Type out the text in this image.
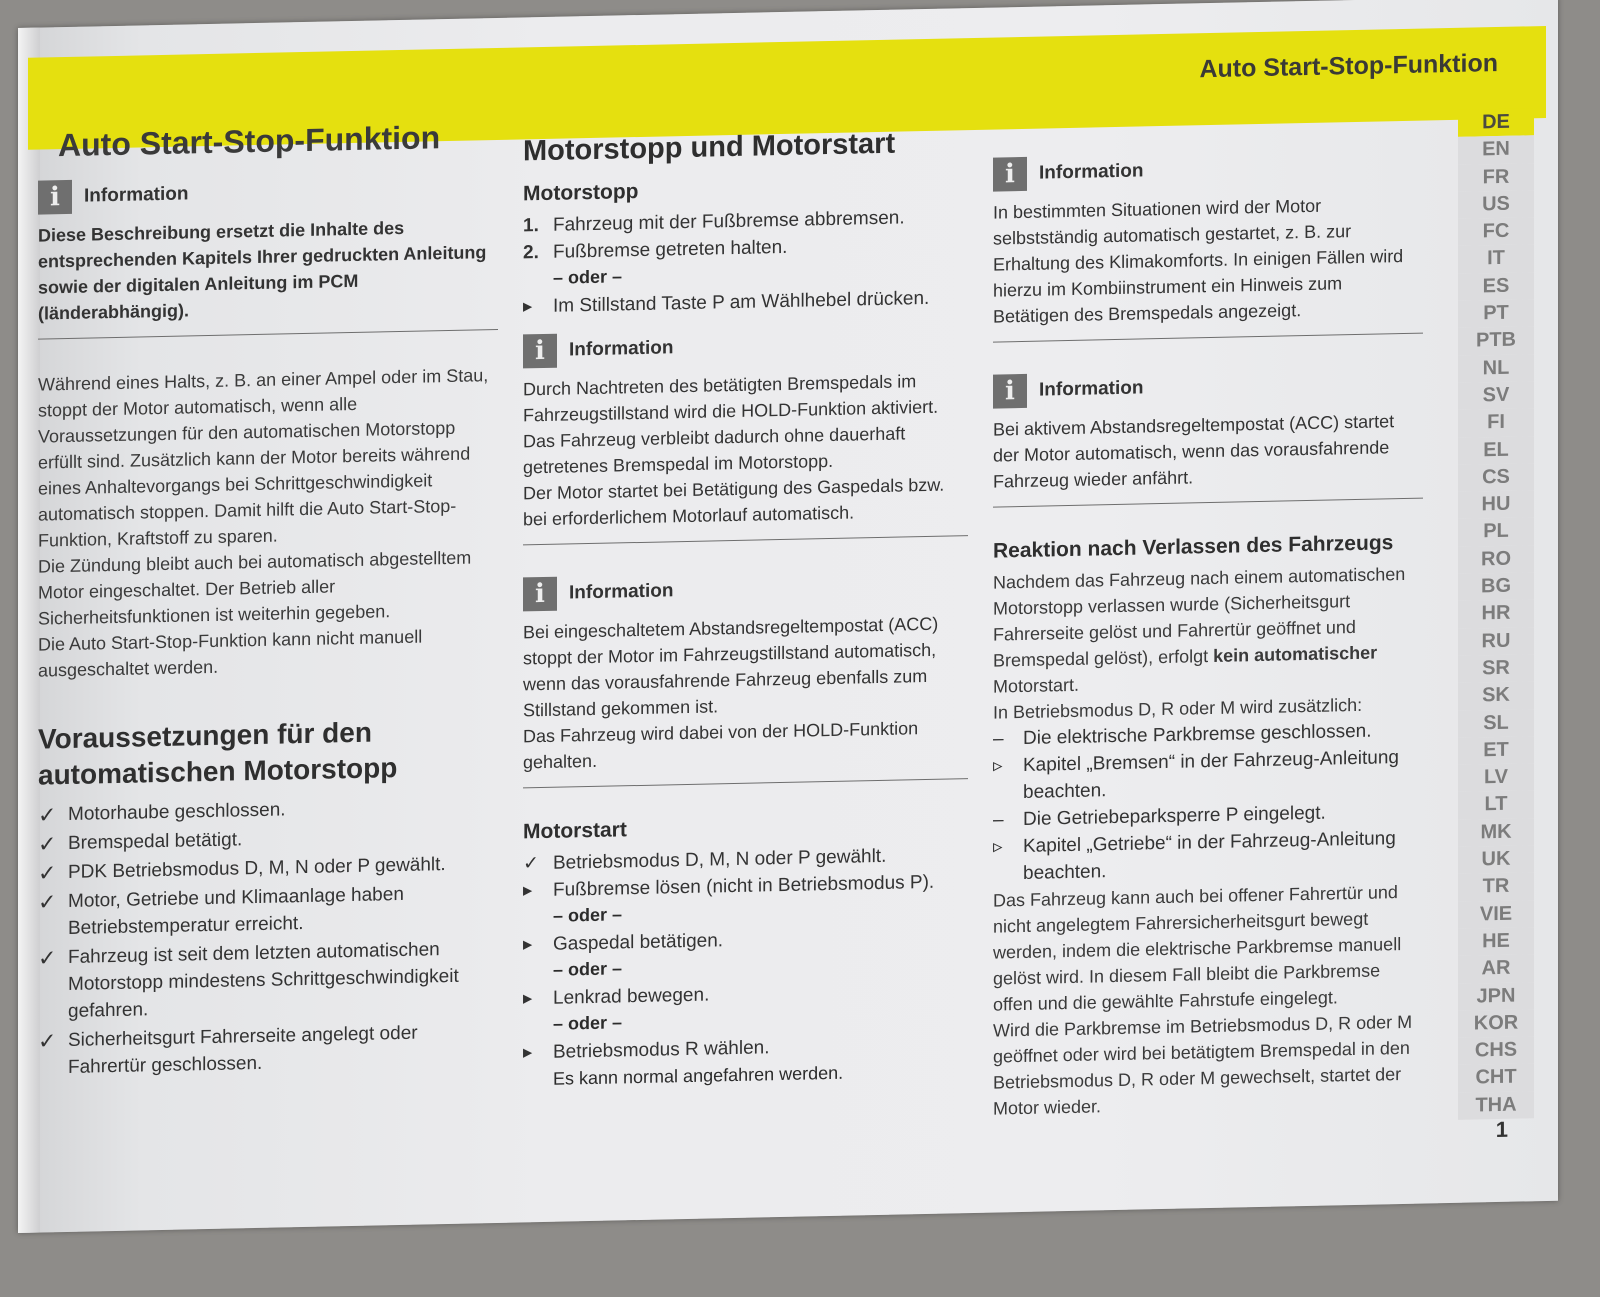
Auto Start-Stop-Funktion
Auto Start-Stop-Funktion
i	Information
Diese Beschreibung ersetzt die Inhalte des entsprechenden Kapitels Ihrer gedruckten Anleitung sowie der digitalen Anleitung im PCM (länderabhängig).

Während eines Halts, z. B. an einer Ampel oder im Stau, stoppt der Motor automatisch, wenn alle Voraussetzungen für den automatischen Motorstopp erfüllt sind. Zusätzlich kann der Motor bereits während eines Anhaltevorgangs bei Schrittgeschwindigkeit automatisch stoppen. Damit hilft die Auto Start-Stop-Funktion, Kraftstoff zu sparen.

Die Zündung bleibt auch bei automatisch abgestelltem Motor eingeschaltet. Der Betrieb aller Sicherheitsfunktionen ist weiterhin gegeben.

Die Auto Start-Stop-Funktion kann nicht manuell ausgeschaltet werden.

Voraussetzungen für den automatischen Motorstopp
✓ Motorhaube geschlossen.
✓ Bremspedal betätigt.
✓ PDK Betriebsmodus D, M, N oder P gewählt.
✓ Motor, Getriebe und Klimaanlage haben Betriebstemperatur erreicht.
✓ Fahrzeug ist seit dem letzten automatischen Motorstopp mindestens Schrittgeschwindigkeit gefahren.
✓ Sicherheitsgurt Fahrerseite angelegt oder Fahrertür geschlossen.
Motorstopp und Motorstart
Motorstopp
1. Fahrzeug mit der Fußbremse abbremsen.
2. Fußbremse getreten halten.
– oder –
▶	Im Stillstand Taste P am Wählhebel drücken.
i	Information
Durch Nachtreten des betätigten Bremspedals im Fahrzeugstillstand wird die HOLD-Funktion aktiviert. Das Fahrzeug verbleibt dadurch ohne dauerhaft getretenes Bremspedal im Motorstopp.
Der Motor startet bei Betätigung des Gaspedals bzw. bei erforderlichem Motorlauf automatisch.
i	Information
Bei eingeschaltetem Abstandsregeltempostat (ACC) stoppt der Motor im Fahrzeugstillstand automatisch, wenn das vorausfahrende Fahrzeug ebenfalls zum Stillstand gekommen ist.
Das Fahrzeug wird dabei von der HOLD-Funktion gehalten.
Motorstart
✓ Betriebsmodus D, M, N oder P gewählt.
▶	Fußbremse lösen (nicht in Betriebsmodus P).
– oder –
▶	Gaspedal betätigen.
– oder –
▶	Lenkrad bewegen.
– oder –
▶	Betriebsmodus R wählen.
Es kann normal angefahren werden.
i	Information
In bestimmten Situationen wird der Motor selbstständig automatisch gestartet, z. B. zur Erhaltung des Klimakomforts. In einigen Fällen wird hierzu im Kombiinstrument ein Hinweis zum Betätigen des Bremspedals angezeigt.
i	Information
Bei aktivem Abstandsregeltempostat (ACC) startet der Motor automatisch, wenn das vorausfahrende Fahrzeug wieder anfährt.
Reaktion nach Verlassen des Fahrzeugs

Nachdem das Fahrzeug nach einem automatischen Motorstopp verlassen wurde (Sicherheitsgurt Fahrerseite gelöst und Fahrertür geöffnet und Bremspedal gelöst), erfolgt kein automatischer Motorstart.

In Betriebsmodus D, R oder M wird zusätzlich:

–	Die elektrische Parkbremse geschlossen.
▹	Kapitel „Bremsen“ in der Fahrzeug-Anleitung beachten.
–	Die Getriebeparksperre P eingelegt.
▹	Kapitel „Getriebe“ in der Fahrzeug-Anleitung beachten.

Das Fahrzeug kann auch bei offener Fahrertür und nicht angelegtem Fahrersicherheitsgurt bewegt werden, indem die elektrische Parkbremse manuell gelöst wird. In diesem Fall bleibt die Parkbremse offen und die gewählte Fahrstufe eingelegt.

Wird die Parkbremse im Betriebsmodus D, R oder M geöffnet oder wird bei betätigtem Bremspedal in den Betriebsmodus D, R oder M gewechselt, startet der Motor wieder.

DE
EN
FR
US
FC
IT
ES
PT
PTB
NL
SV
FI
EL
CS
HU
PL
RO
BG
HR
RU
SR
SK
SL
ET
LV
LT
MK
UK
TR
VIE
HE
AR
JPN
KOR
CHS
CHT
THA
1
